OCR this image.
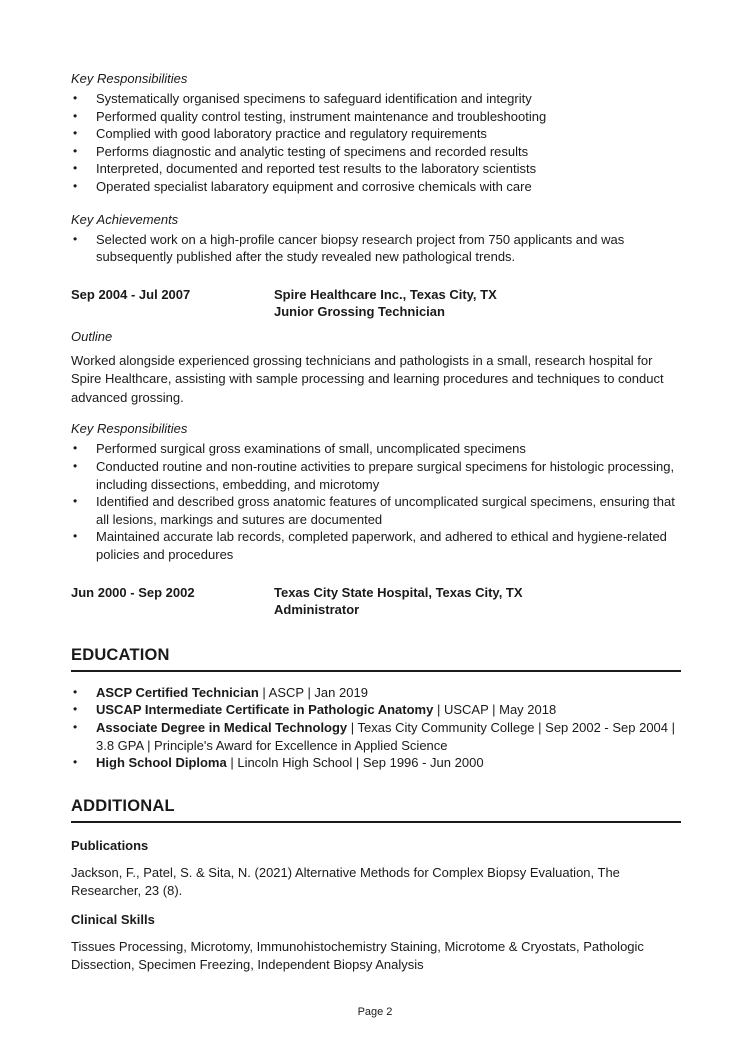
Key Responsibilities

• Systematically organised specimens to safeguard identification and integrity
• Performed quality control testing, instrument maintenance and troubleshooting
• Complied with good laboratory practice and regulatory requirements
• Performs diagnostic and analytic testing of specimens and recorded results
• Interpreted, documented and reported test results to the laboratory scientists
• Operated specialist labaratory equipment and corrosive chemicals with care

Key Achievements

• Selected work on a high-profile cancer biopsy research project from 750 applicants and was subsequently published after the study revealed new pathological trends.
Sep 2004 - Jul 2007	Spire Healthcare Inc., Texas City, TX
Junior Grossing Technician

Outline

Worked alongside experienced grossing technicians and pathologists in a small, research hospital for Spire Healthcare, assisting with sample processing and learning procedures and techniques to conduct advanced grossing.

Key Responsibilities

• Performed surgical gross examinations of small, uncomplicated specimens
• Conducted routine and non-routine activities to prepare surgical specimens for histologic processing, including dissections, embedding, and microtomy
• Identified and described gross anatomic features of uncomplicated surgical specimens, ensuring that all lesions, markings and sutures are documented
• Maintained accurate lab records, completed paperwork, and adhered to ethical and hygiene-related policies and procedures
Jun 2000 - Sep 2002	Texas City State Hospital, Texas City, TX
Administrator
EDUCATION
• ASCP Certified Technician | ASCP | Jan 2019
• USCAP Intermediate Certificate in Pathologic Anatomy | USCAP | May 2018
• Associate Degree in Medical Technology | Texas City Community College | Sep 2002 - Sep 2004 | 3.8 GPA | Principle's Award for Excellence in Applied Science
• High School Diploma | Lincoln High School | Sep 1996 - Jun 2000
ADDITIONAL
Publications

Jackson, F., Patel, S. & Sita, N. (2021) Alternative Methods for Complex Biopsy Evaluation, The Researcher, 23 (8).

Clinical Skills

Tissues Processing, Microtomy, Immunohistochemistry Staining, Microtome & Cryostats, Pathologic Dissection, Specimen Freezing, Independent Biopsy Analysis

Page 2
